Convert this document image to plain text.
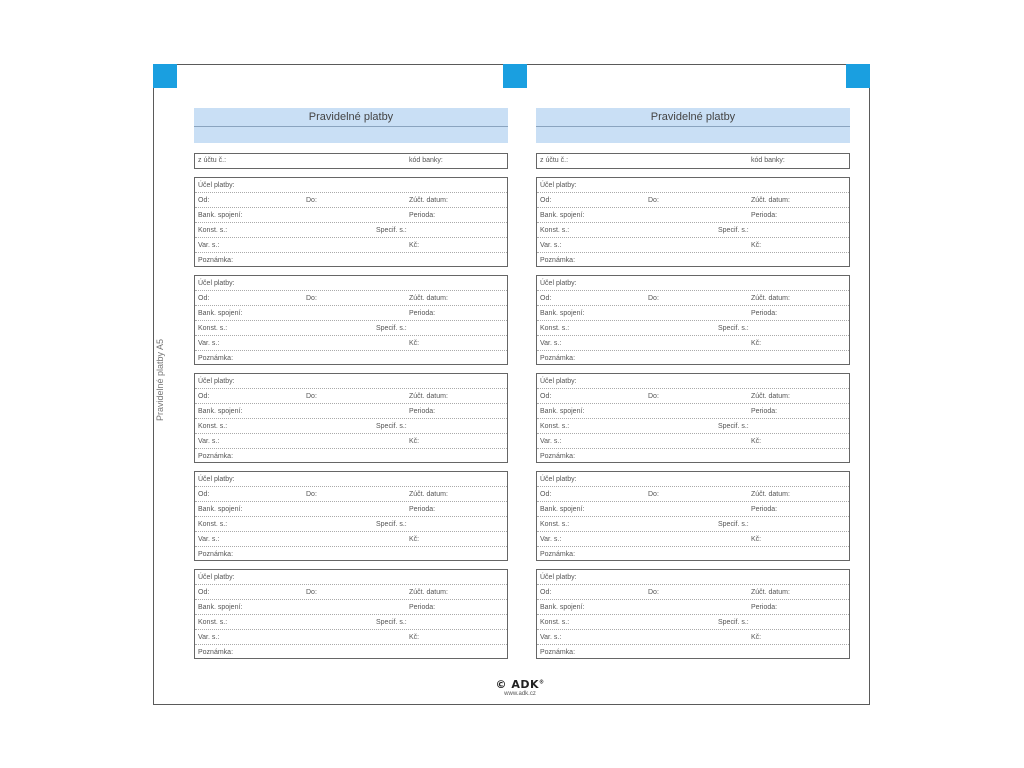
Pravidelné platby
z účtu č.:	kód banky:
Účel platby:
Od:	Do:	Zúčt. datum:
Bank. spojení:	Perioda:
Konst. s.:	Specif. s.:
Var. s.:	Kč:
Poznámka:
Účel platby:
Od:	Do:	Zúčt. datum:
Bank. spojení:	Perioda:
Konst. s.:	Specif. s.:
Var. s.:	Kč:
Poznámka:
Účel platby:
Od:	Do:	Zúčt. datum:
Bank. spojení:	Perioda:
Konst. s.:	Specif. s.:
Var. s.:	Kč:
Poznámka:
Účel platby:
Od:	Do:	Zúčt. datum:
Bank. spojení:	Perioda:
Konst. s.:	Specif. s.:
Var. s.:	Kč:
Poznámka:
Účel platby:
Od:	Do:	Zúčt. datum:
Bank. spojení:	Perioda:
Konst. s.:	Specif. s.:
Var. s.:	Kč:
Poznámka:
Pravidelné platby
z účtu č.:	kód banky:
Účel platby:
Od:	Do:	Zúčt. datum:
Bank. spojení:	Perioda:
Konst. s.:	Specif. s.:
Var. s.:	Kč:
Poznámka:
Účel platby:
Od:	Do:	Zúčt. datum:
Bank. spojení:	Perioda:
Konst. s.:	Specif. s.:
Var. s.:	Kč:
Poznámka:
Účel platby:
Od:	Do:	Zúčt. datum:
Bank. spojení:	Perioda:
Konst. s.:	Specif. s.:
Var. s.:	Kč:
Poznámka:
Účel platby:
Od:	Do:	Zúčt. datum:
Bank. spojení:	Perioda:
Konst. s.:	Specif. s.:
Var. s.:	Kč:
Poznámka:
Účel platby:
Od:	Do:	Zúčt. datum:
Bank. spojení:	Perioda:
Konst. s.:	Specif. s.:
Var. s.:	Kč:
Poznámka:
© ADK®
www.adk.cz
Pravidelné platby A5
